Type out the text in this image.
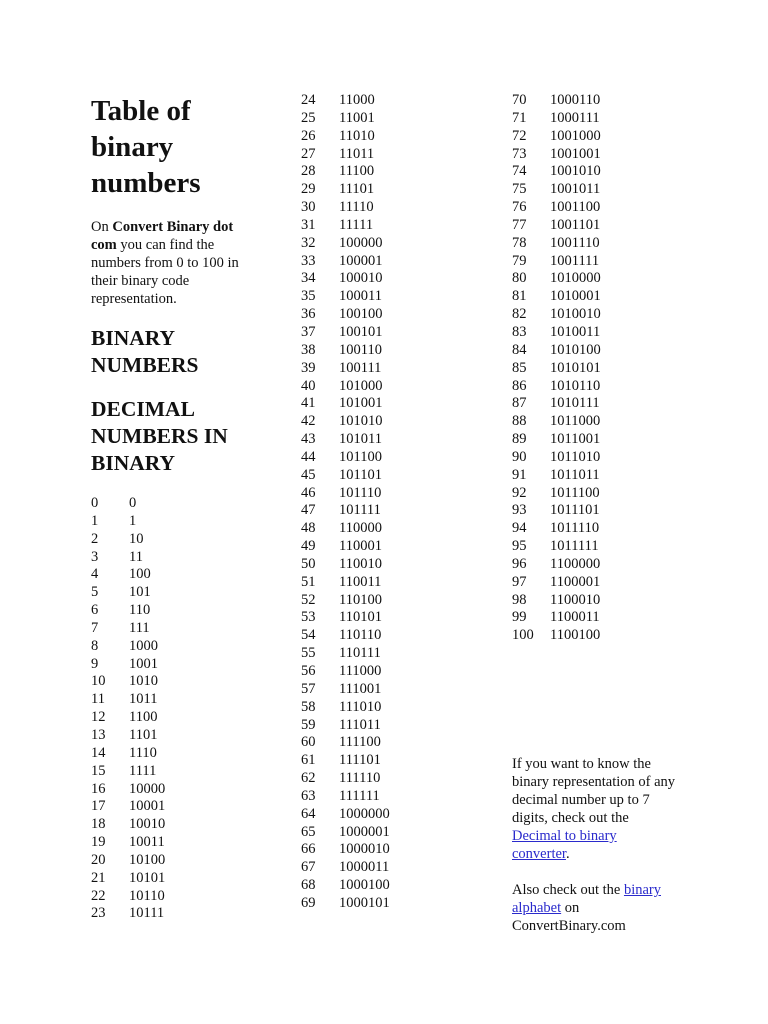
Table of binary numbers

On Convert Binary dot com you can find the numbers from 0 to 100 in their binary code representation.

BINARY NUMBERS
DECIMAL NUMBERS IN BINARY
0	0
1	1
2	10
3	11
4	100
5	101
6	110
7	111
8	1000
9	1001
10	1010
11	1011
12	1100
13	1101
14	1110
15	1111
16	10000
17	10001
18	10010
19	10011
20	10100
21	10101
22	10110
23	10111
24	11000
25	11001
26	11010
27	11011
28	11100
29	11101
30	11110
31	11111
32	100000
33	100001
34	100010
35	100011
36	100100
37	100101
38	100110
39	100111
40	101000
41	101001
42	101010
43	101011
44	101100
45	101101
46	101110
47	101111
48	110000
49	110001
50	110010
51	110011
52	110100
53	110101
54	110110
55	110111
56	111000
57	111001
58	111010
59	111011
60	111100
61	111101
62	111110
63	111111
64	1000000
65	1000001
66	1000010
67	1000011
68	1000100
69	1000101
70	1000110
71	1000111
72	1001000
73	1001001
74	1001010
75	1001011
76	1001100
77	1001101
78	1001110
79	1001111
80	1010000
81	1010001
82	1010010
83	1010011
84	1010100
85	1010101
86	1010110
87	1010111
88	1011000
89	1011001
90	1011010
91	1011011
92	1011100
93	1011101
94	1011110
95	1011111
96	1100000
97	1100001
98	1100010
99	1100011
100	1100100

If you want to know the binary representation of any decimal number up to 7 digits, check out the Decimal to binary converter.

Also check out the binary alphabet on ConvertBinary.com
